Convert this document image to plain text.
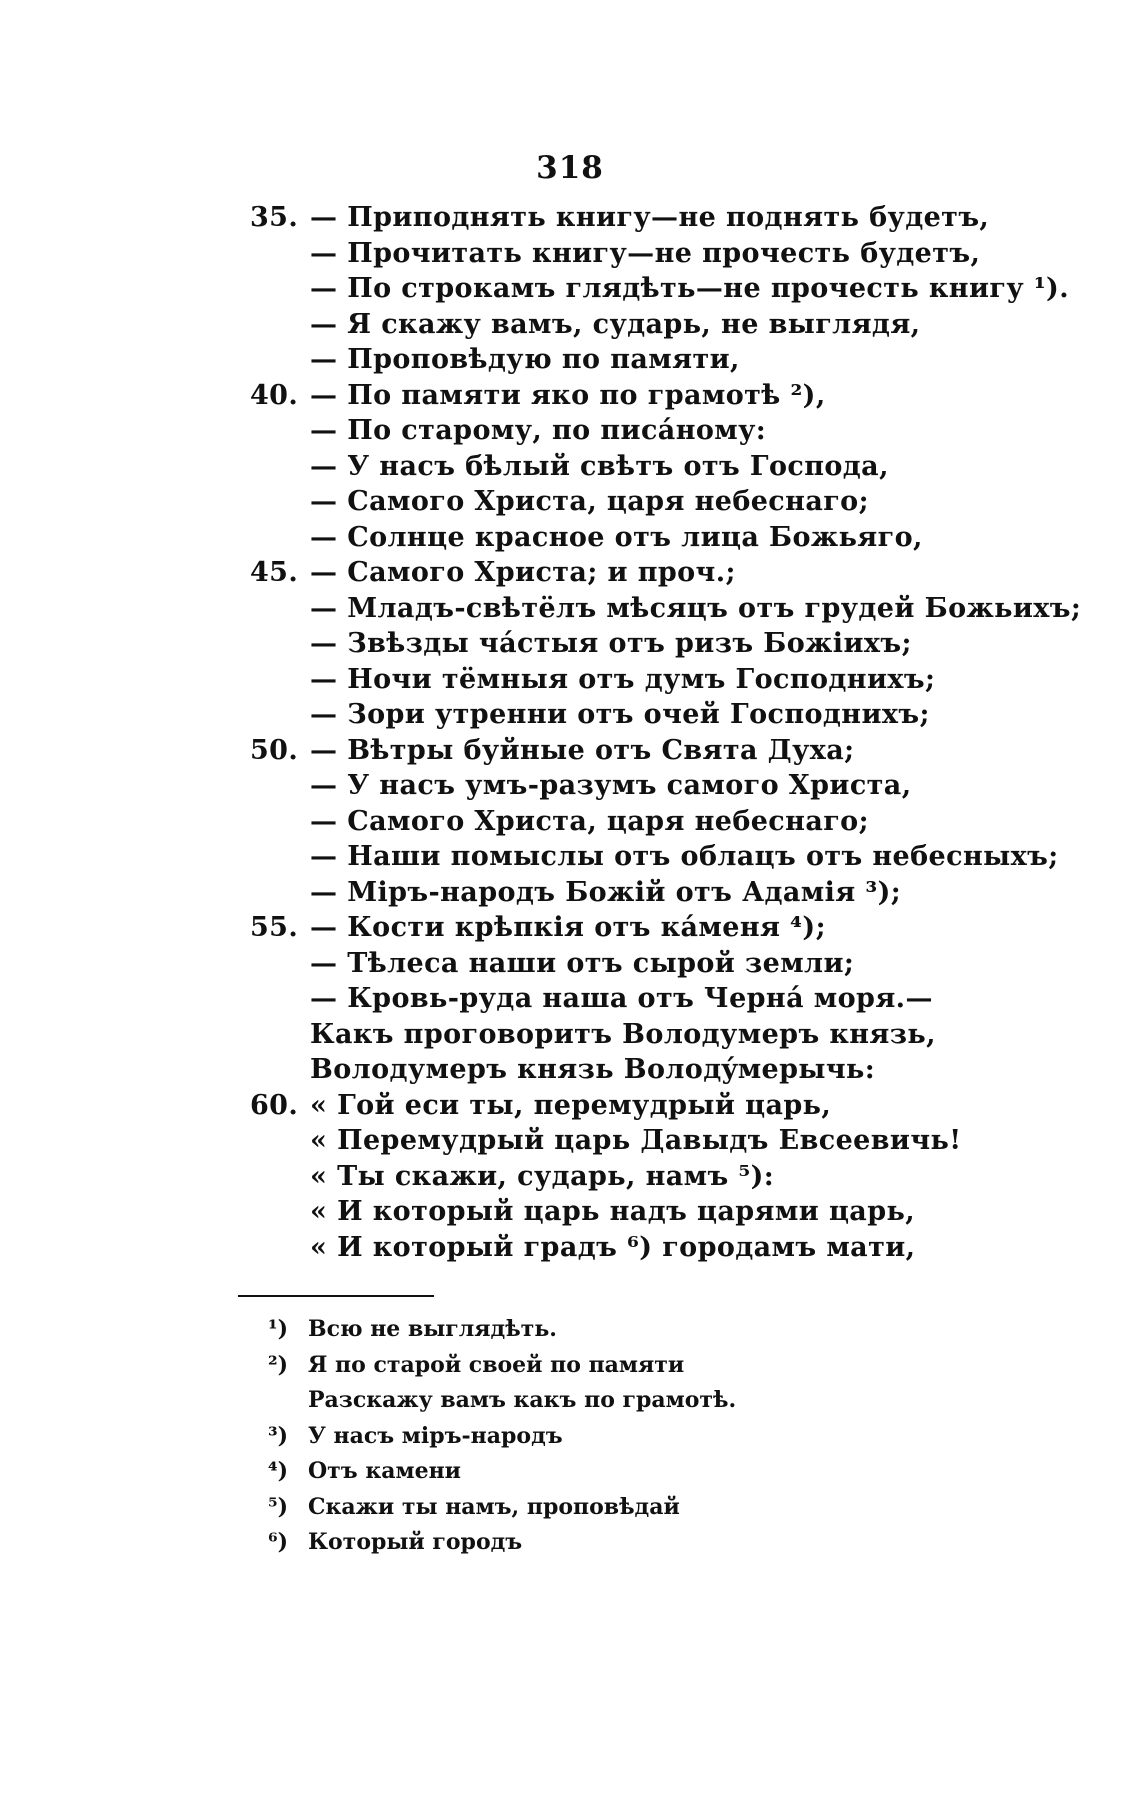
318
35. — Приподнять книгу—не поднять будетъ,
— Прочитать книгу—не прочесть будетъ,
— По строкамъ глядѣть—не прочесть книгу ¹).
— Я скажу вамъ, сударь, не выглядя,
— Проповѣдую по памяти,
40. — По памяти яко по грамотѣ ²),
— По старому, по писáному:
— У насъ бѣлый свѣтъ отъ Господа,
— Самого Христа, царя небеснаго;
— Солнце красное отъ лица Божьяго,
45. — Самого Христа; и проч.;
— Младъ-свѣтёлъ мѣсяцъ отъ грудей Божьихъ;
— Звѣзды чáстыя отъ ризъ Божіихъ;
— Ночи тёмныя отъ думъ Господнихъ;
— Зори утренни отъ очей Господнихъ;
50. — Вѣтры буйные отъ Свята Духа;
— У насъ умъ-разумъ самого Христа,
— Самого Христа, царя небеснаго;
— Наши помыслы отъ облацъ отъ небесныхъ;
— Міръ-народъ Божій отъ Адамія ³);
55. — Кости крѣпкія отъ кáменя ⁴);
— Тѣлеса наши отъ сырой земли;
— Кровь-руда наша отъ Чернá моря.—
Какъ проговоритъ Володумеръ князь,
Володумеръ князь Володýмерычь:
60. « Гой еси ты, перемудрый царь,
« Перемудрый царь Давыдъ Евсеевичь!
« Ты скажи, сударь, намъ ⁵):
« И который царь надъ царями царь,
« И который градъ ⁶) городамъ мати,
¹) Всю не выглядѣть.
²) Я по старой своей по памяти
Разскажу вамъ какъ по грамотѣ.
³) У насъ міръ-народъ
⁴) Отъ камени
⁵) Скажи ты намъ, проповѣдай
⁶) Который городъ
